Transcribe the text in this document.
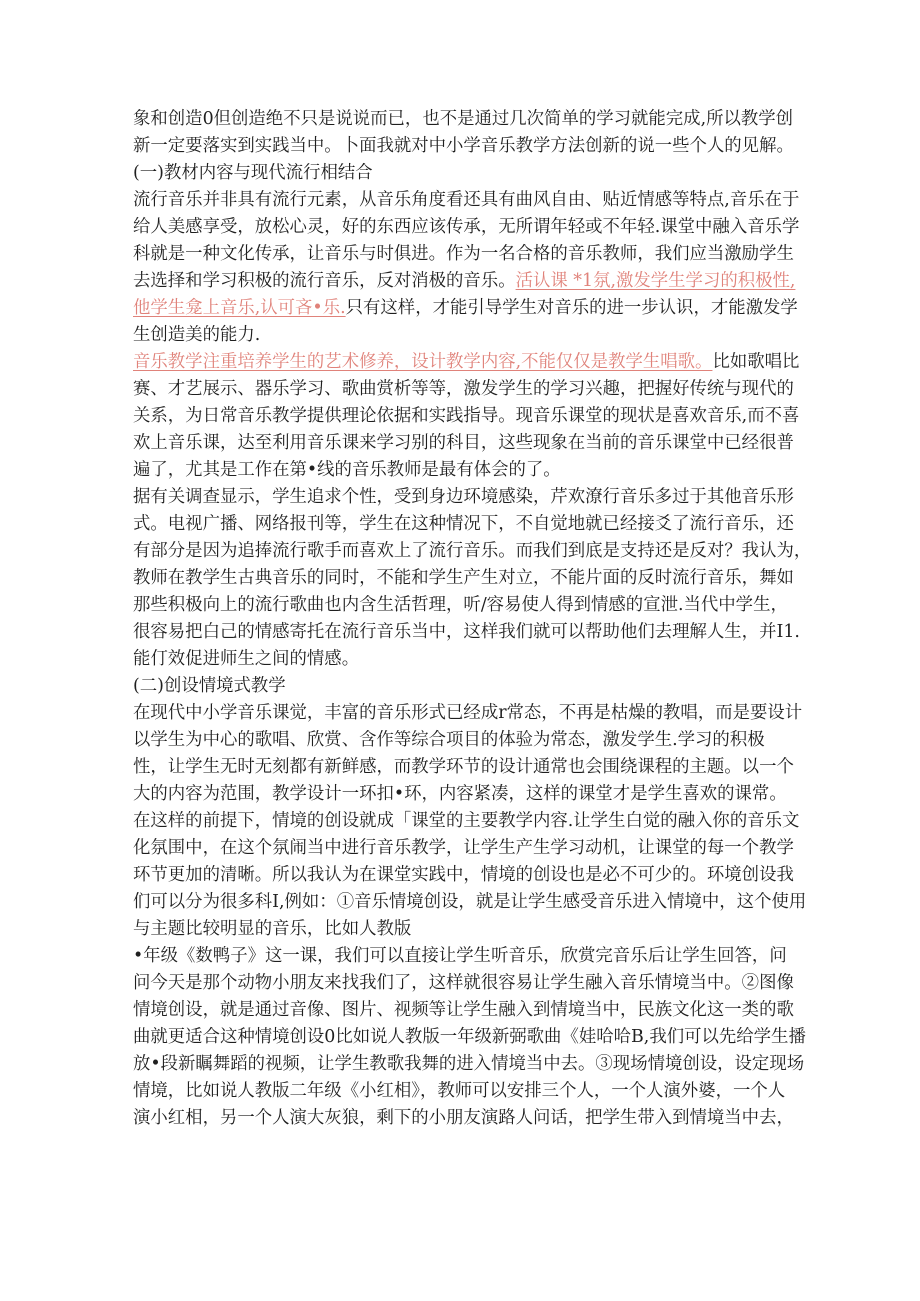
象和创造0但创造绝不只是说说而已，也不是通过几次简单的学习就能完成,所以教学创
新一定要落实到实践当中。卜面我就对中小学音乐教学方法创新的说一些个人的见解。
(一)教材内容与现代流行相结合
流行音乐并非具有流行元素，从音乐角度看还具有曲风自由、贴近情感等特点,音乐在于
给人美感享受，放松心灵，好的东西应该传承，无所谓年轻或不年轻.课堂中融入音乐学
科就是一种文化传承，让音乐与时俱进。作为一名合格的音乐教师，我们应当激励学生
去选择和学习积极的流行音乐，反对消极的音乐。活认课 *1氛,激发学生学习的积极性,
他学生龛上音乐,认可吝•乐.只有这样，才能引导学生对音乐的进一步认识，才能激发学
生创造美的能力.
音乐教学注重培养学生的艺术修养，设计教学内容,不能仅仅是教学生唱歌。比如歌唱比
赛、才艺展示、器乐学习、歌曲赏析等等，激发学生的学习兴趣，把握好传统与现代的
关系，为日常音乐教学提供理论依据和实践指导。现音乐课堂的现状是喜欢音乐,而不喜
欢上音乐课，达至利用音乐课来学习别的科目，这些现象在当前的音乐课堂中已经很普
遍了，尤其是工作在第•线的音乐教师是最有体会的了。
据有关调查显示，学生追求个性，受到身边环境感染，芹欢潦行音乐多过于其他音乐形
式。电视广播、网络报刊等，学生在这种情况下，不自觉地就已经接爻了流行音乐，还
有部分是因为追捧流行歌手而喜欢上了流行音乐。而我们到底是支持还是反对？我认为，
教师在教学生古典音乐的同时，不能和学生产生对立，不能片面的反时流行音乐，舞如
那些积极向上的流行歌曲也内含生活哲理，听/容易使人得到情感的宣泄.当代中学生，
很容易把白己的情感寄托在流行音乐当中，这样我们就可以帮助他们去理解人生，并I1.
能仃效促进师生之间的情感。
(二)创设情境式教学
在现代中小学音乐课觉，丰富的音乐形式已经成r常态，不再是枯燥的教唱，而是要设计
以学生为中心的歌唱、欣赏、含作等综合项目的体验为常态，激发学生.学习的积极
性，让学生无时无刻都有新鲜感，而教学环节的设计通常也会围绕课程的主题。以一个
大的内容为范围，教学设计一环扣•环，内容紧凑，这样的课堂才是学生喜欢的课常。
在这样的前提下，情境的创设就成「课堂的主要教学内容.让学生白觉的融入你的音乐文
化氛围中，在这个氛闹当中进行音乐教学，让学生产生学习动机，让课堂的每一个教学
环节更加的清晰。所以我认为在课堂实践中，情境的创设也是必不可少的。环境创设我
们可以分为很多科I,例如：①音乐情境创设，就是让学生感受音乐进入情境中，这个使用
与主题比较明显的音乐，比如人教版
•年级《数鸭子》这一课，我们可以直接让学生听音乐，欣赏完音乐后让学生回答，问
问今天是那个动物小朋友来找我们了，这样就很容易让学生融入音乐情境当中。②图像
情境创设，就是通过音像、图片、视频等让学生融入到情境当中，民族文化这一类的歌
曲就更适合这种情境创设0比如说人教版一年级新弼歌曲《娃哈哈B,我们可以先给学生播
放•段新瞩舞蹈的视频，让学生教歌我舞的进入情境当中去。③现场情境创设，设定现场
情境，比如说人教版二年级《小红相》，教师可以安排三个人，一个人演外婆，一个人
演小红相，另一个人演大灰狼，剩下的小朋友演路人问话，把学生带入到情境当中去，
